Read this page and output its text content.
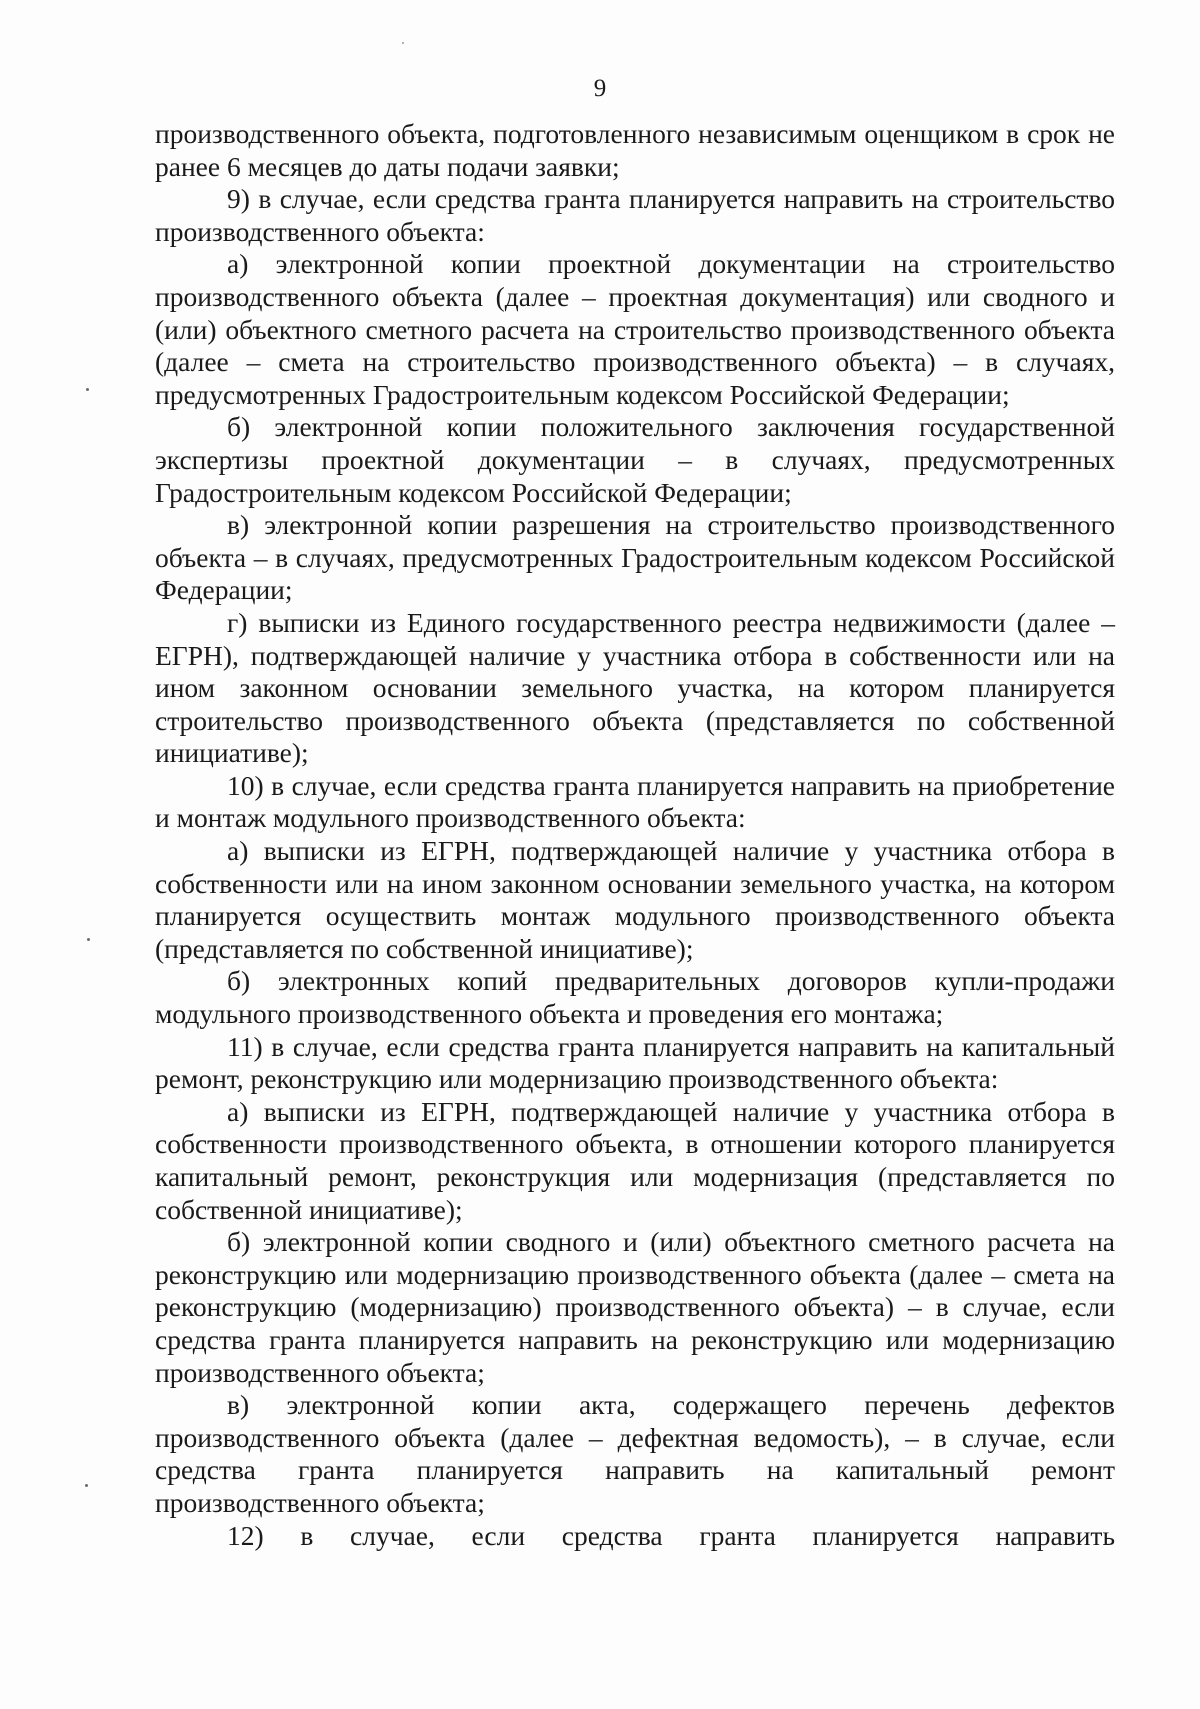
9

производственного объекта, подготовленного независимым оценщиком в срок не ранее 6 месяцев до даты подачи заявки;

9) в случае, если средства гранта планируется направить на строительство производственного объекта:

а) электронной копии проектной документации на строительство производственного объекта (далее – проектная документация) или сводного и (или) объектного сметного расчета на строительство производственного объекта (далее – смета на строительство производственного объекта) – в случаях, предусмотренных Градостроительным кодексом Российской Федерации;

б) электронной копии положительного заключения государственной экспертизы проектной документации – в случаях, предусмотренных Градостроительным кодексом Российской Федерации;

в) электронной копии разрешения на строительство производственного объекта – в случаях, предусмотренных Градостроительным кодексом Российской Федерации;

г) выписки из Единого государственного реестра недвижимости (далее – ЕГРН), подтверждающей наличие у участника отбора в собственности или на ином законном основании земельного участка, на котором планируется строительство производственного объекта (представляется по собственной инициативе);

10) в случае, если средства гранта планируется направить на приобретение и монтаж модульного производственного объекта:

а) выписки из ЕГРН, подтверждающей наличие у участника отбора в собственности или на ином законном основании земельного участка, на котором планируется осуществить монтаж модульного производственного объекта (представляется по собственной инициативе);

б) электронных копий предварительных договоров купли-продажи модульного производственного объекта и проведения его монтажа;

11) в случае, если средства гранта планируется направить на капитальный ремонт, реконструкцию или модернизацию производственного объекта:

а) выписки из ЕГРН, подтверждающей наличие у участника отбора в собственности производственного объекта, в отношении которого планируется капитальный ремонт, реконструкция или модернизация (представляется по собственной инициативе);

б) электронной копии сводного и (или) объектного сметного расчета на реконструкцию или модернизацию производственного объекта (далее – смета на реконструкцию (модернизацию) производственного объекта) – в случае, если средства гранта планируется направить на реконструкцию или модернизацию производственного объекта;

в) электронной копии акта, содержащего перечень дефектов производственного объекта (далее – дефектная ведомость), – в случае, если средства гранта планируется направить на капитальный ремонт производственного объекта;

12) в случае, если средства гранта планируется направить
